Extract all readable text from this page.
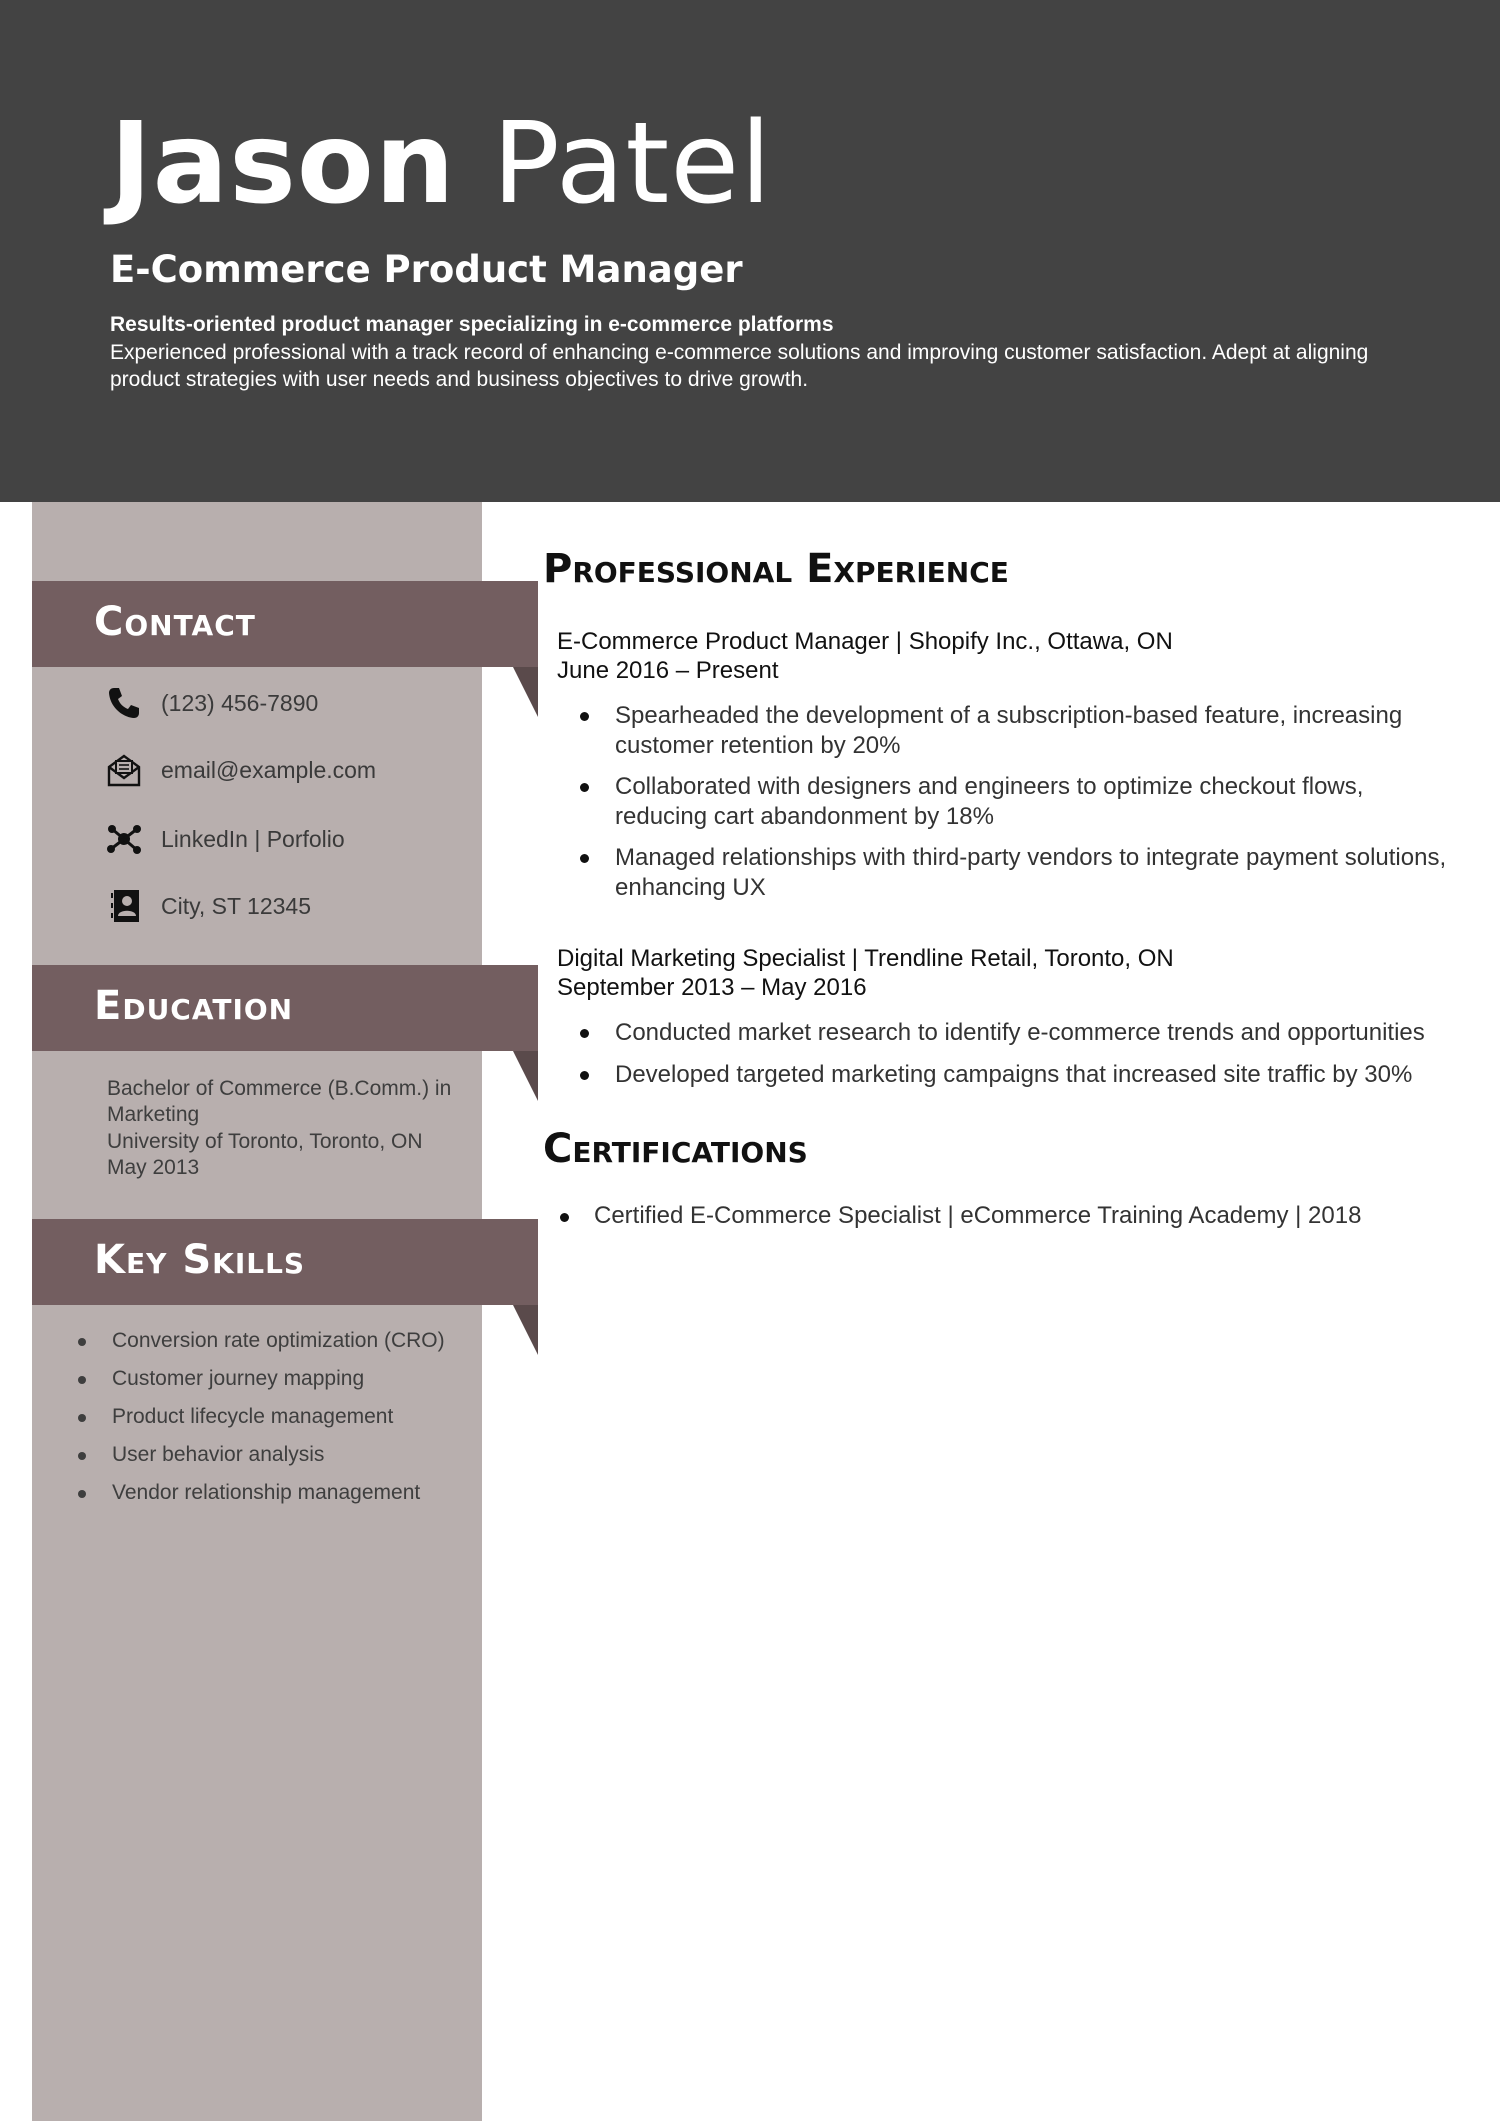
Jason Patel
E-Commerce Product Manager
Results-oriented product manager specializing in e-commerce platforms
Experienced professional with a track record of enhancing e-commerce solutions and improving customer satisfaction. Adept at aligning product strategies with user needs and business objectives to drive growth.
Contact
(123) 456-7890
email@example.com
LinkedIn | Porfolio
City, ST 12345
Education
Bachelor of Commerce (B.Comm.) in
Marketing
University of Toronto, Toronto, ON
May 2013
Key Skills
Conversion rate optimization (CRO)
Customer journey mapping
Product lifecycle management
User behavior analysis
Vendor relationship management
Professional Experience
E-Commerce Product Manager | Shopify Inc., Ottawa, ON
June 2016 – Present
Spearheaded the development of a subscription-based feature, increasing customer retention by 20%
Collaborated with designers and engineers to optimize checkout flows, reducing cart abandonment by 18%
Managed relationships with third-party vendors to integrate payment solutions, enhancing UX
Digital Marketing Specialist | Trendline Retail, Toronto, ON
September 2013 – May 2016
Conducted market research to identify e-commerce trends and opportunities
Developed targeted marketing campaigns that increased site traffic by 30%
Certifications
Certified E-Commerce Specialist | eCommerce Training Academy | 2018
